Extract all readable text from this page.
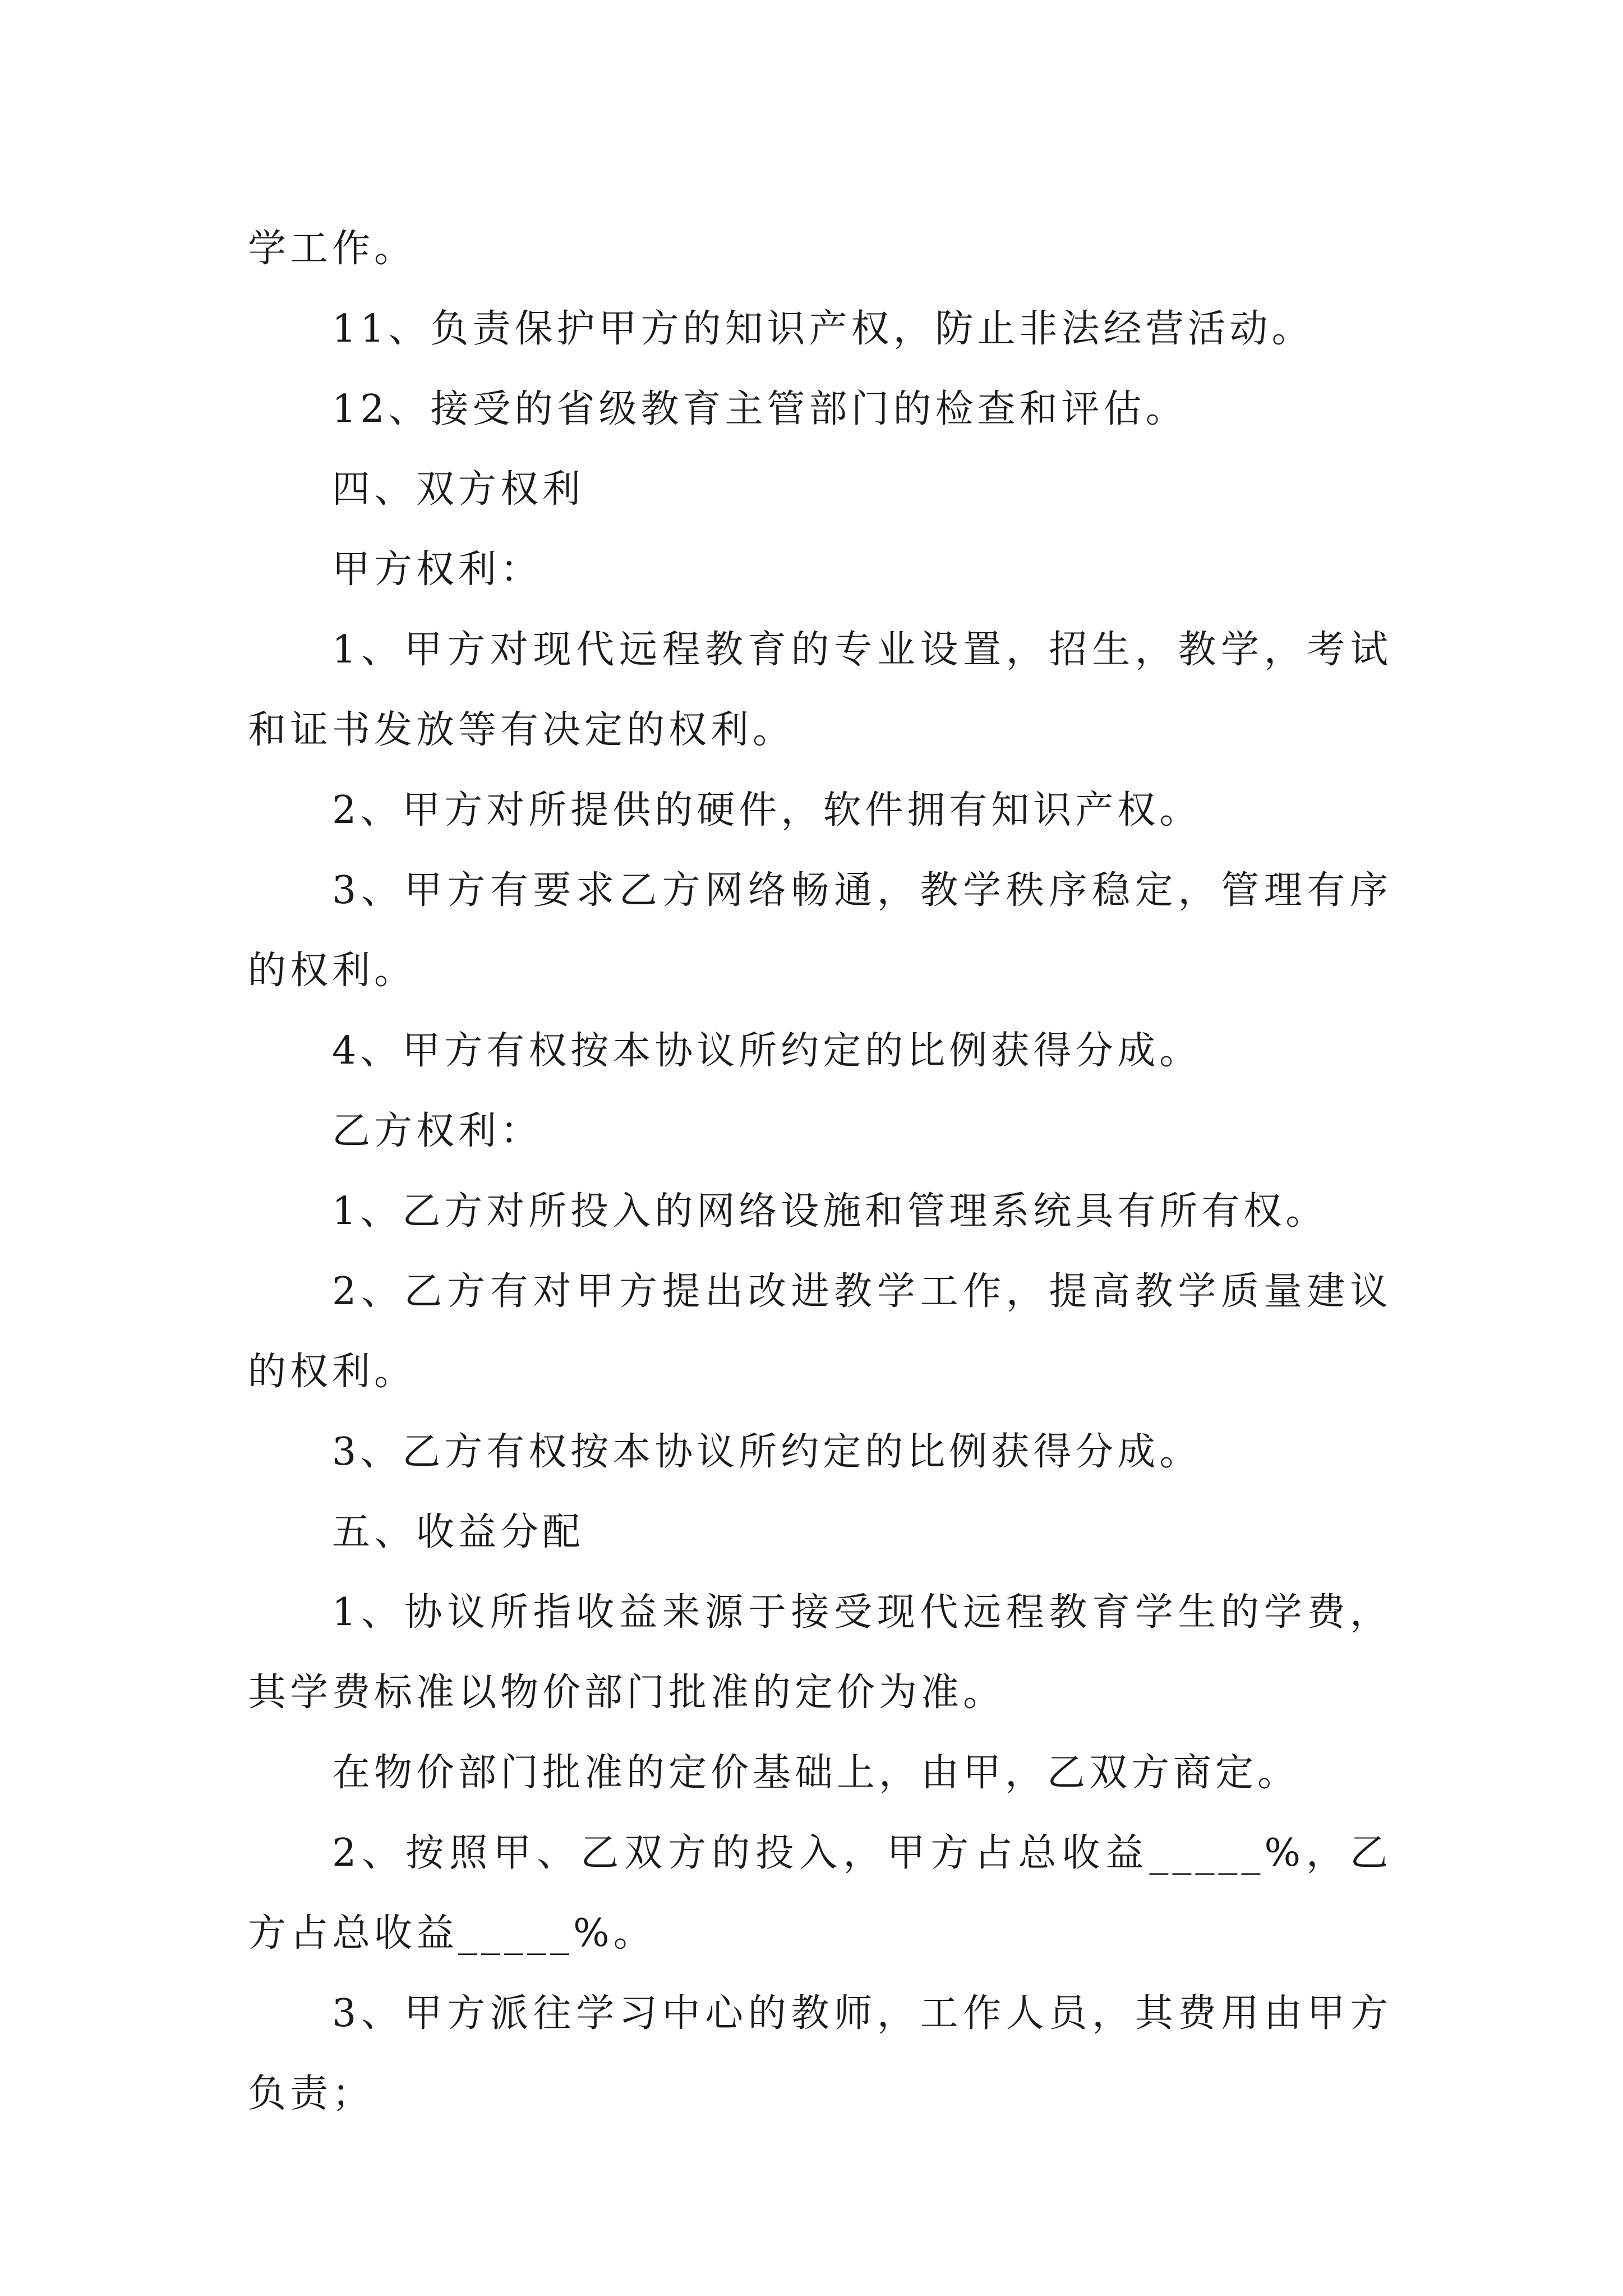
学工作。

11、负责保护甲方的知识产权，防止非法经营活动。

12、接受的省级教育主管部门的检查和评估。

四、双方权利

甲方权利：

1、甲方对现代远程教育的专业设置，招生，教学，考试和证书发放等有决定的权利。

2、甲方对所提供的硬件，软件拥有知识产权。

3、甲方有要求乙方网络畅通，教学秩序稳定，管理有序的权利。

4、甲方有权按本协议所约定的比例获得分成。

乙方权利：

1、乙方对所投入的网络设施和管理系统具有所有权。

2、乙方有对甲方提出改进教学工作，提高教学质量建议的权利。

3、乙方有权按本协议所约定的比例获得分成。

五、收益分配

1、协议所指收益来源于接受现代远程教育学生的学费，其学费标准以物价部门批准的定价为准。

在物价部门批准的定价基础上，由甲，乙双方商定。

2、按照甲、乙双方的投入，甲方占总收益_____%，乙方占总收益_____%。

3、甲方派往学习中心的教师，工作人员，其费用由甲方负责；
